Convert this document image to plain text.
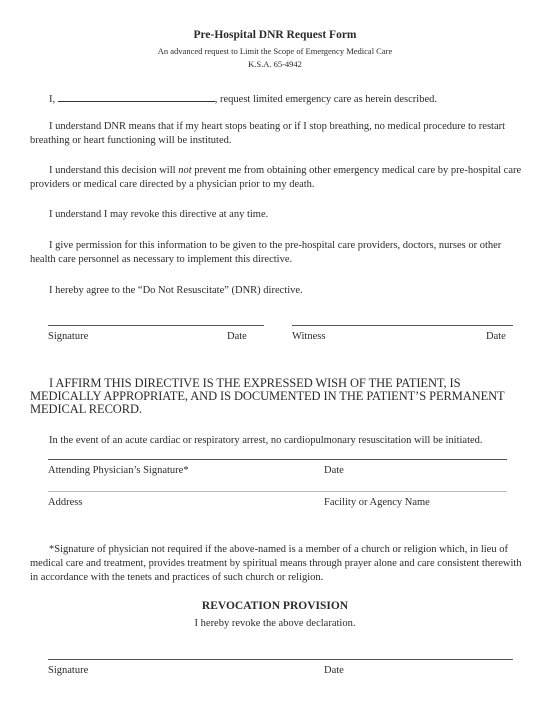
Pre-Hospital DNR Request Form
An advanced request to Limit the Scope of Emergency Medical Care
K.S.A. 65-4942
I,	, request limited emergency care as herein described.
I understand DNR means that if my heart stops beating or if I stop breathing, no medical procedure to restart breathing or heart functioning will be instituted.
I understand this decision will not prevent me from obtaining other emergency medical care by pre-hospital care providers or medical care directed by a physician prior to my death.
I understand I may revoke this directive at any time.
I give permission for this information to be given to the pre-hospital care providers, doctors, nurses or other health care personnel as necessary to implement this directive.
I hereby agree to the “Do Not Resuscitate” (DNR) directive.
Signature	Date	Witness	Date
I AFFIRM THIS DIRECTIVE IS THE EXPRESSED WISH OF THE PATIENT, IS MEDICALLY APPROPRIATE, AND IS DOCUMENTED IN THE PATIENT’S PERMANENT MEDICAL RECORD.
In the event of an acute cardiac or respiratory arrest, no cardiopulmonary resuscitation will be initiated.
Attending Physician’s Signature*	Date
Address	Facility or Agency Name
*Signature of physician not required if the above-named is a member of a church or religion which, in lieu of medical care and treatment, provides treatment by spiritual means through prayer alone and care consistent therewith in accordance with the tenets and practices of such church or religion.
REVOCATION PROVISION
I hereby revoke the above declaration.
Signature	Date
